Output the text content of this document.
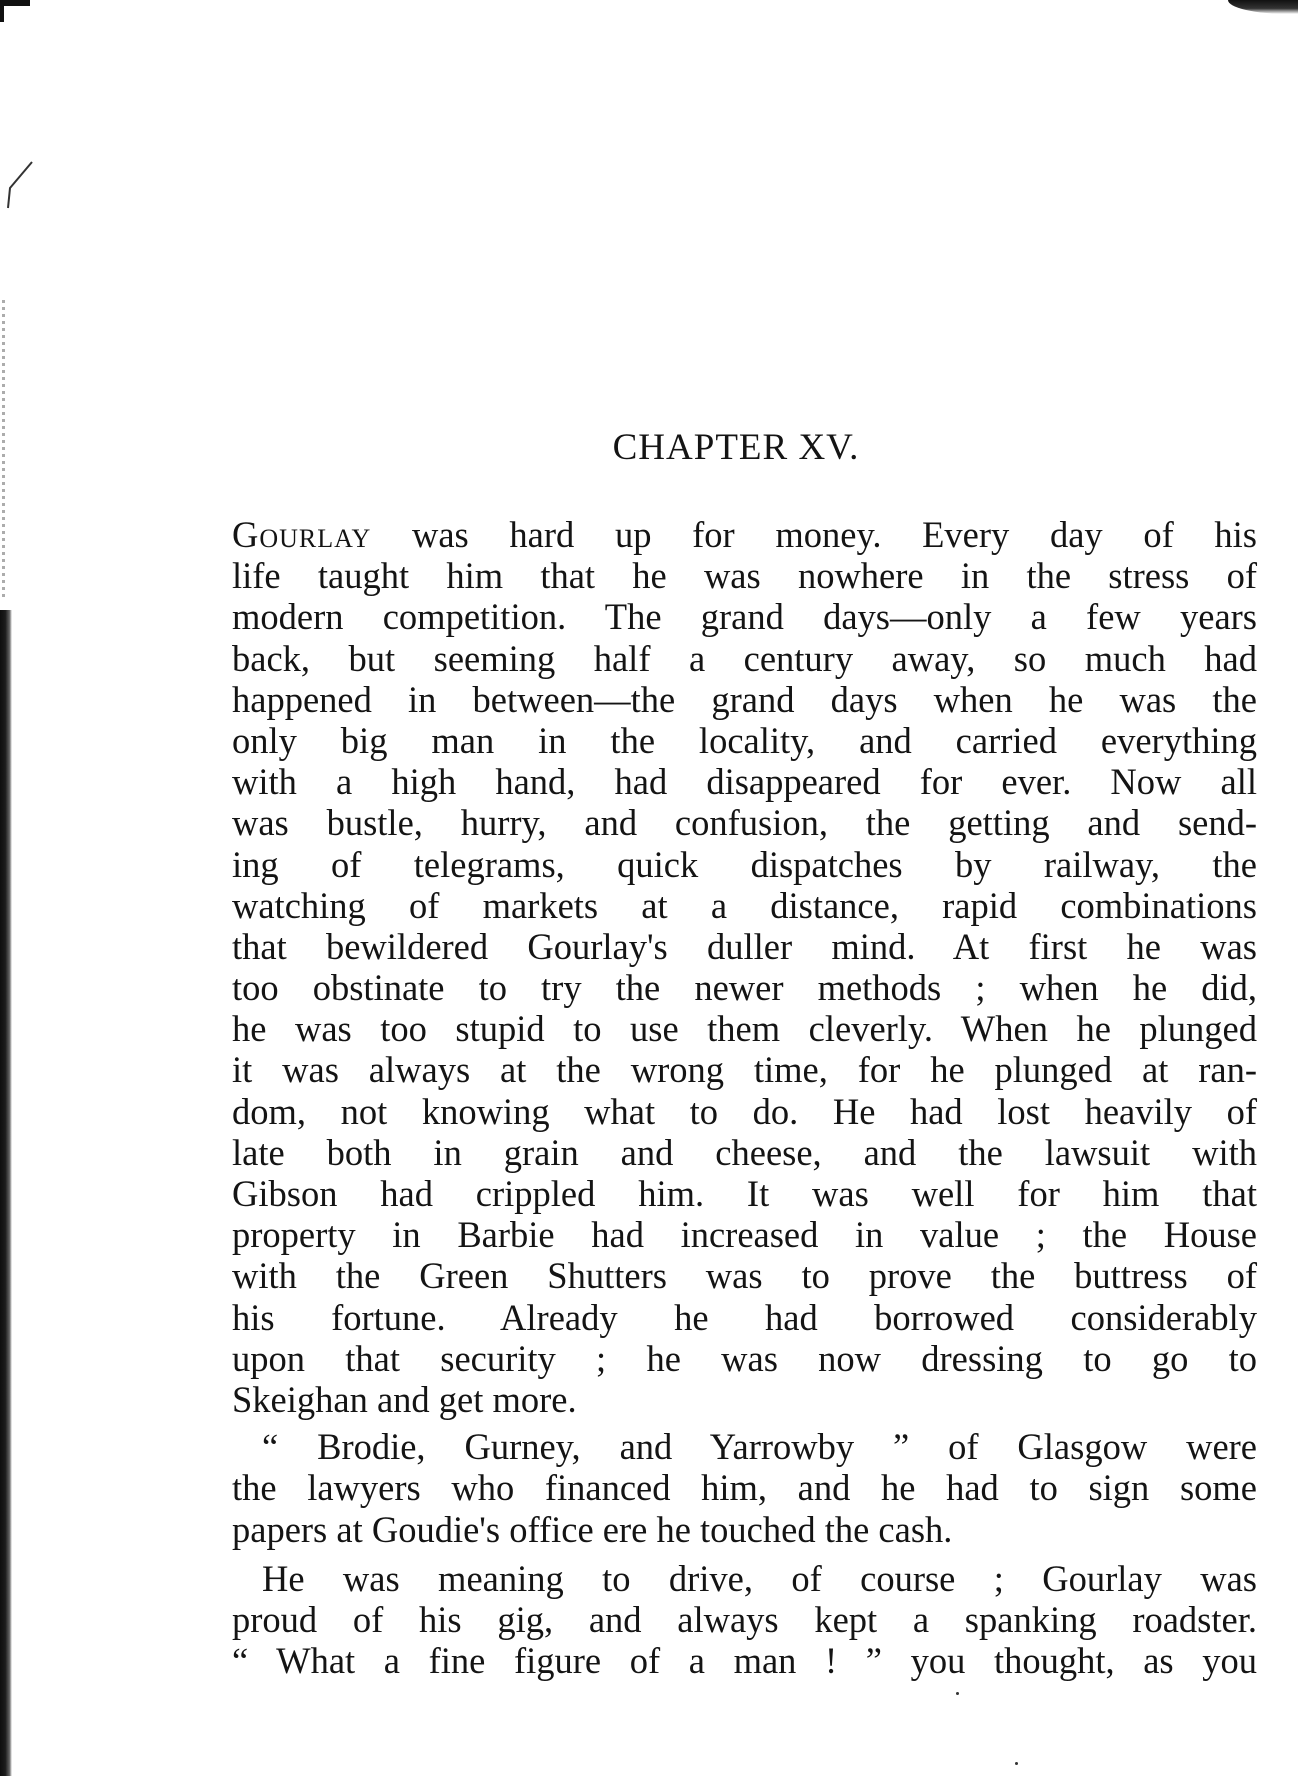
CHAPTER XV.
Gourlay was hard up for money. Every day of his
life taught him that he was nowhere in the stress of
modern competition. The grand days—only a few years
back, but seeming half a century away, so much had
happened in between—the grand days when he was the
only big man in the locality, and carried everything
with a high hand, had disappeared for ever. Now all
was bustle, hurry, and confusion, the getting and send-
ing of telegrams, quick dispatches by railway, the
watching of markets at a distance, rapid combinations
that bewildered Gourlay's duller mind. At first he was
too obstinate to try the newer methods ; when he did,
he was too stupid to use them cleverly. When he plunged
it was always at the wrong time, for he plunged at ran-
dom, not knowing what to do. He had lost heavily of
late both in grain and cheese, and the lawsuit with
Gibson had crippled him. It was well for him that
property in Barbie had increased in value ; the House
with the Green Shutters was to prove the buttress of
his fortune. Already he had borrowed considerably
upon that security ; he was now dressing to go to
Skeighan and get more.
“ Brodie, Gurney, and Yarrowby ” of Glasgow were
the lawyers who financed him, and he had to sign some
papers at Goudie's office ere he touched the cash.
He was meaning to drive, of course ; Gourlay was
proud of his gig, and always kept a spanking roadster.
“ What a fine figure of a man ! ” you thought, as you
